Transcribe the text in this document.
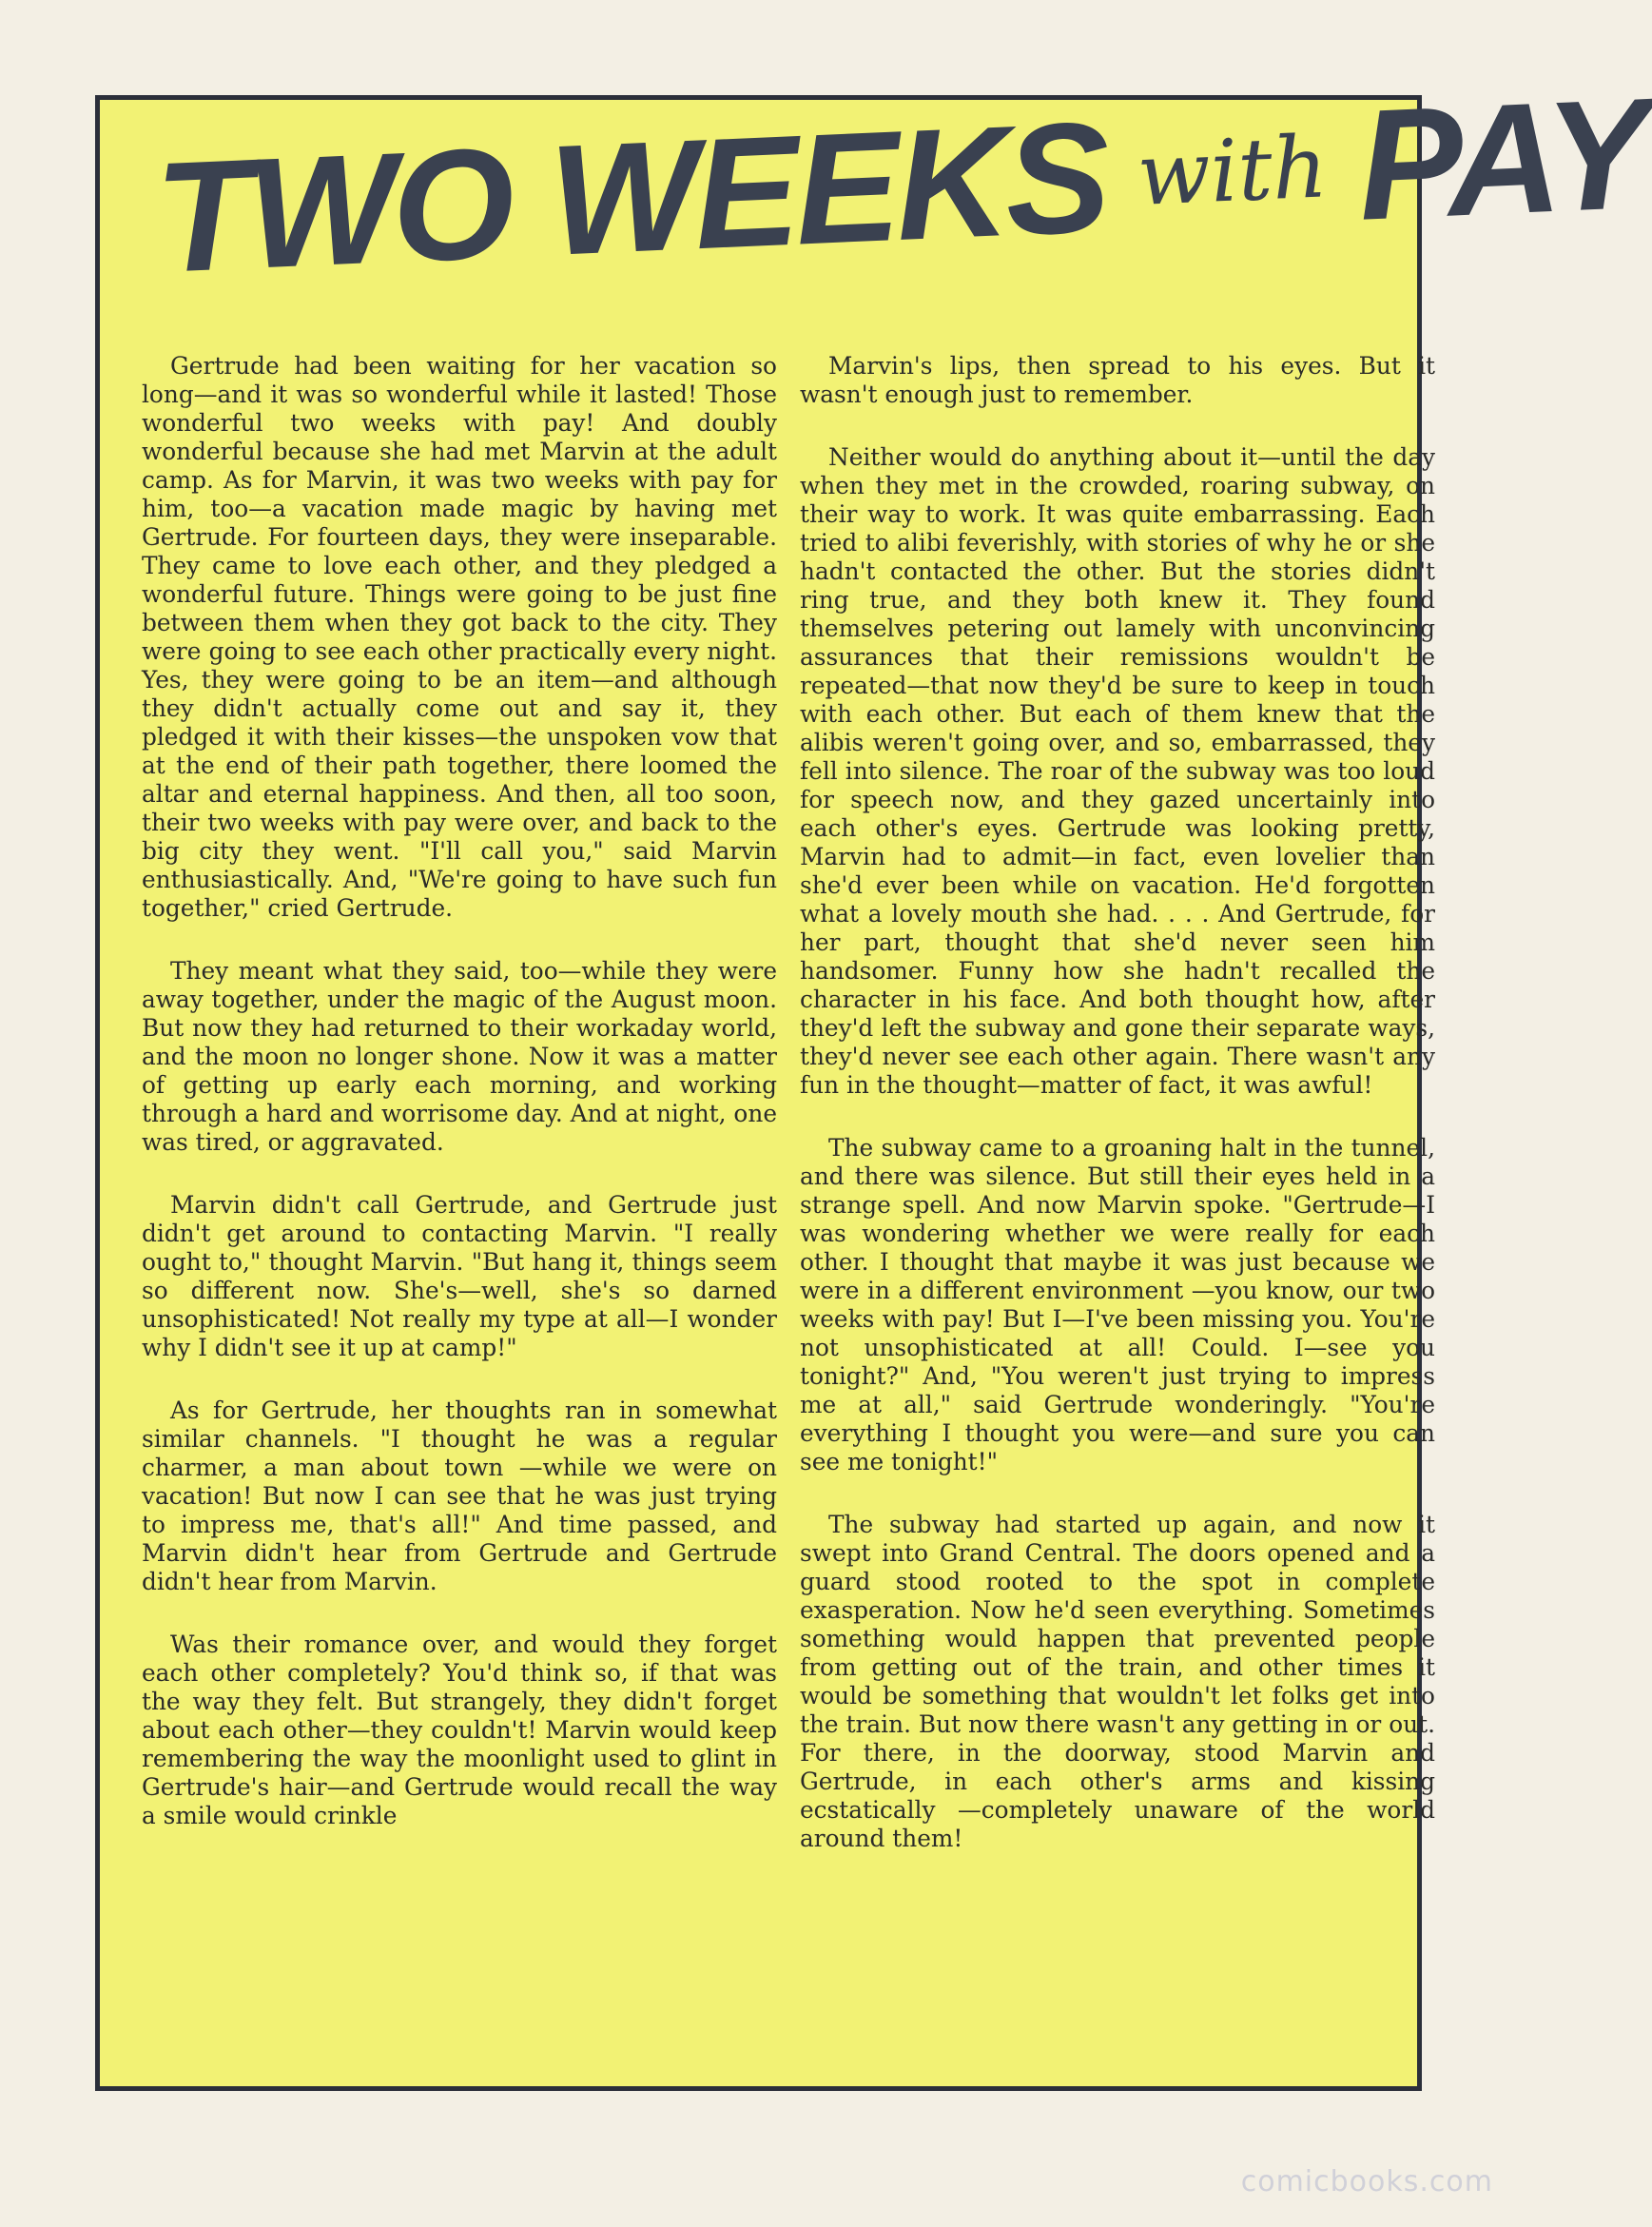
TWO WEEKS with PAY

Gertrude had been waiting for her vacation so long—and it was so wonderful while it lasted! Those wonderful two weeks with pay! And doubly wonderful because she had met Marvin at the adult camp. As for Marvin, it was two weeks with pay for him, too—a vacation made magic by having met Gertrude. For fourteen days, they were inseparable. They came to love each other, and they pledged a wonderful future. Things were going to be just fine between them when they got back to the city. They were going to see each other practically every night. Yes, they were going to be an item—and although they didn't actually come out and say it, they pledged it with their kisses—the unspoken vow that at the end of their path together, there loomed the altar and eternal happiness. And then, all too soon, their two weeks with pay were over, and back to the big city they went. "I'll call you," said Marvin enthusiastically. And, "We're going to have such fun together," cried Gertrude.

They meant what they said, too—while they were away together, under the magic of the August moon. But now they had returned to their workaday world, and the moon no longer shone. Now it was a matter of getting up early each morning, and working through a hard and worrisome day. And at night, one was tired, or aggravated.

Marvin didn't call Gertrude, and Gertrude just didn't get around to contacting Marvin. "I really ought to," thought Marvin. "But hang it, things seem so different now. She's—well, she's so darned unsophisticated! Not really my type at all—I wonder why I didn't see it up at camp!"

As for Gertrude, her thoughts ran in somewhat similar channels. "I thought he was a regular charmer, a man about town —while we were on vacation! But now I can see that he was just trying to impress me, that's all!" And time passed, and Marvin didn't hear from Gertrude and Gertrude didn't hear from Marvin.

Was their romance over, and would they forget each other completely? You'd think so, if that was the way they felt. But strangely, they didn't forget about each other—they couldn't! Marvin would keep remembering the way the moonlight used to glint in Gertrude's hair—and Gertrude would recall the way a smile would crinkle

Marvin's lips, then spread to his eyes. But it wasn't enough just to remember.

Neither would do anything about it—until the day when they met in the crowded, roaring subway, on their way to work. It was quite embarrassing. Each tried to alibi feverishly, with stories of why he or she hadn't contacted the other. But the stories didn't ring true, and they both knew it. They found themselves petering out lamely with unconvincing assurances that their remissions wouldn't be repeated—that now they'd be sure to keep in touch with each other. But each of them knew that the alibis weren't going over, and so, embarrassed, they fell into silence. The roar of the subway was too loud for speech now, and they gazed uncertainly into each other's eyes. Gertrude was looking pretty, Marvin had to admit—in fact, even lovelier than she'd ever been while on vacation. He'd forgotten what a lovely mouth she had. . . . And Gertrude, for her part, thought that she'd never seen him handsomer. Funny how she hadn't recalled the character in his face. And both thought how, after they'd left the subway and gone their separate ways, they'd never see each other again. There wasn't any fun in the thought—matter of fact, it was awful!

The subway came to a groaning halt in the tunnel, and there was silence. But still their eyes held in a strange spell. And now Marvin spoke. "Gertrude—I was wondering whether we were really for each other. I thought that maybe it was just because we were in a different environment —you know, our two weeks with pay! But I—I've been missing you. You're not unsophisticated at all! Could. I—see you tonight?" And, "You weren't just trying to impress me at all," said Gertrude wonderingly. "You're everything I thought you were—and sure you can see me tonight!"

The subway had started up again, and now it swept into Grand Central. The doors opened and a guard stood rooted to the spot in complete exasperation. Now he'd seen everything. Sometimes something would happen that prevented people from getting out of the train, and other times it would be something that wouldn't let folks get into the train. But now there wasn't any getting in or out. For there, in the doorway, stood Marvin and Gertrude, in each other's arms and kissing ecstatically —completely unaware of the world around them!

comicbooks.com
